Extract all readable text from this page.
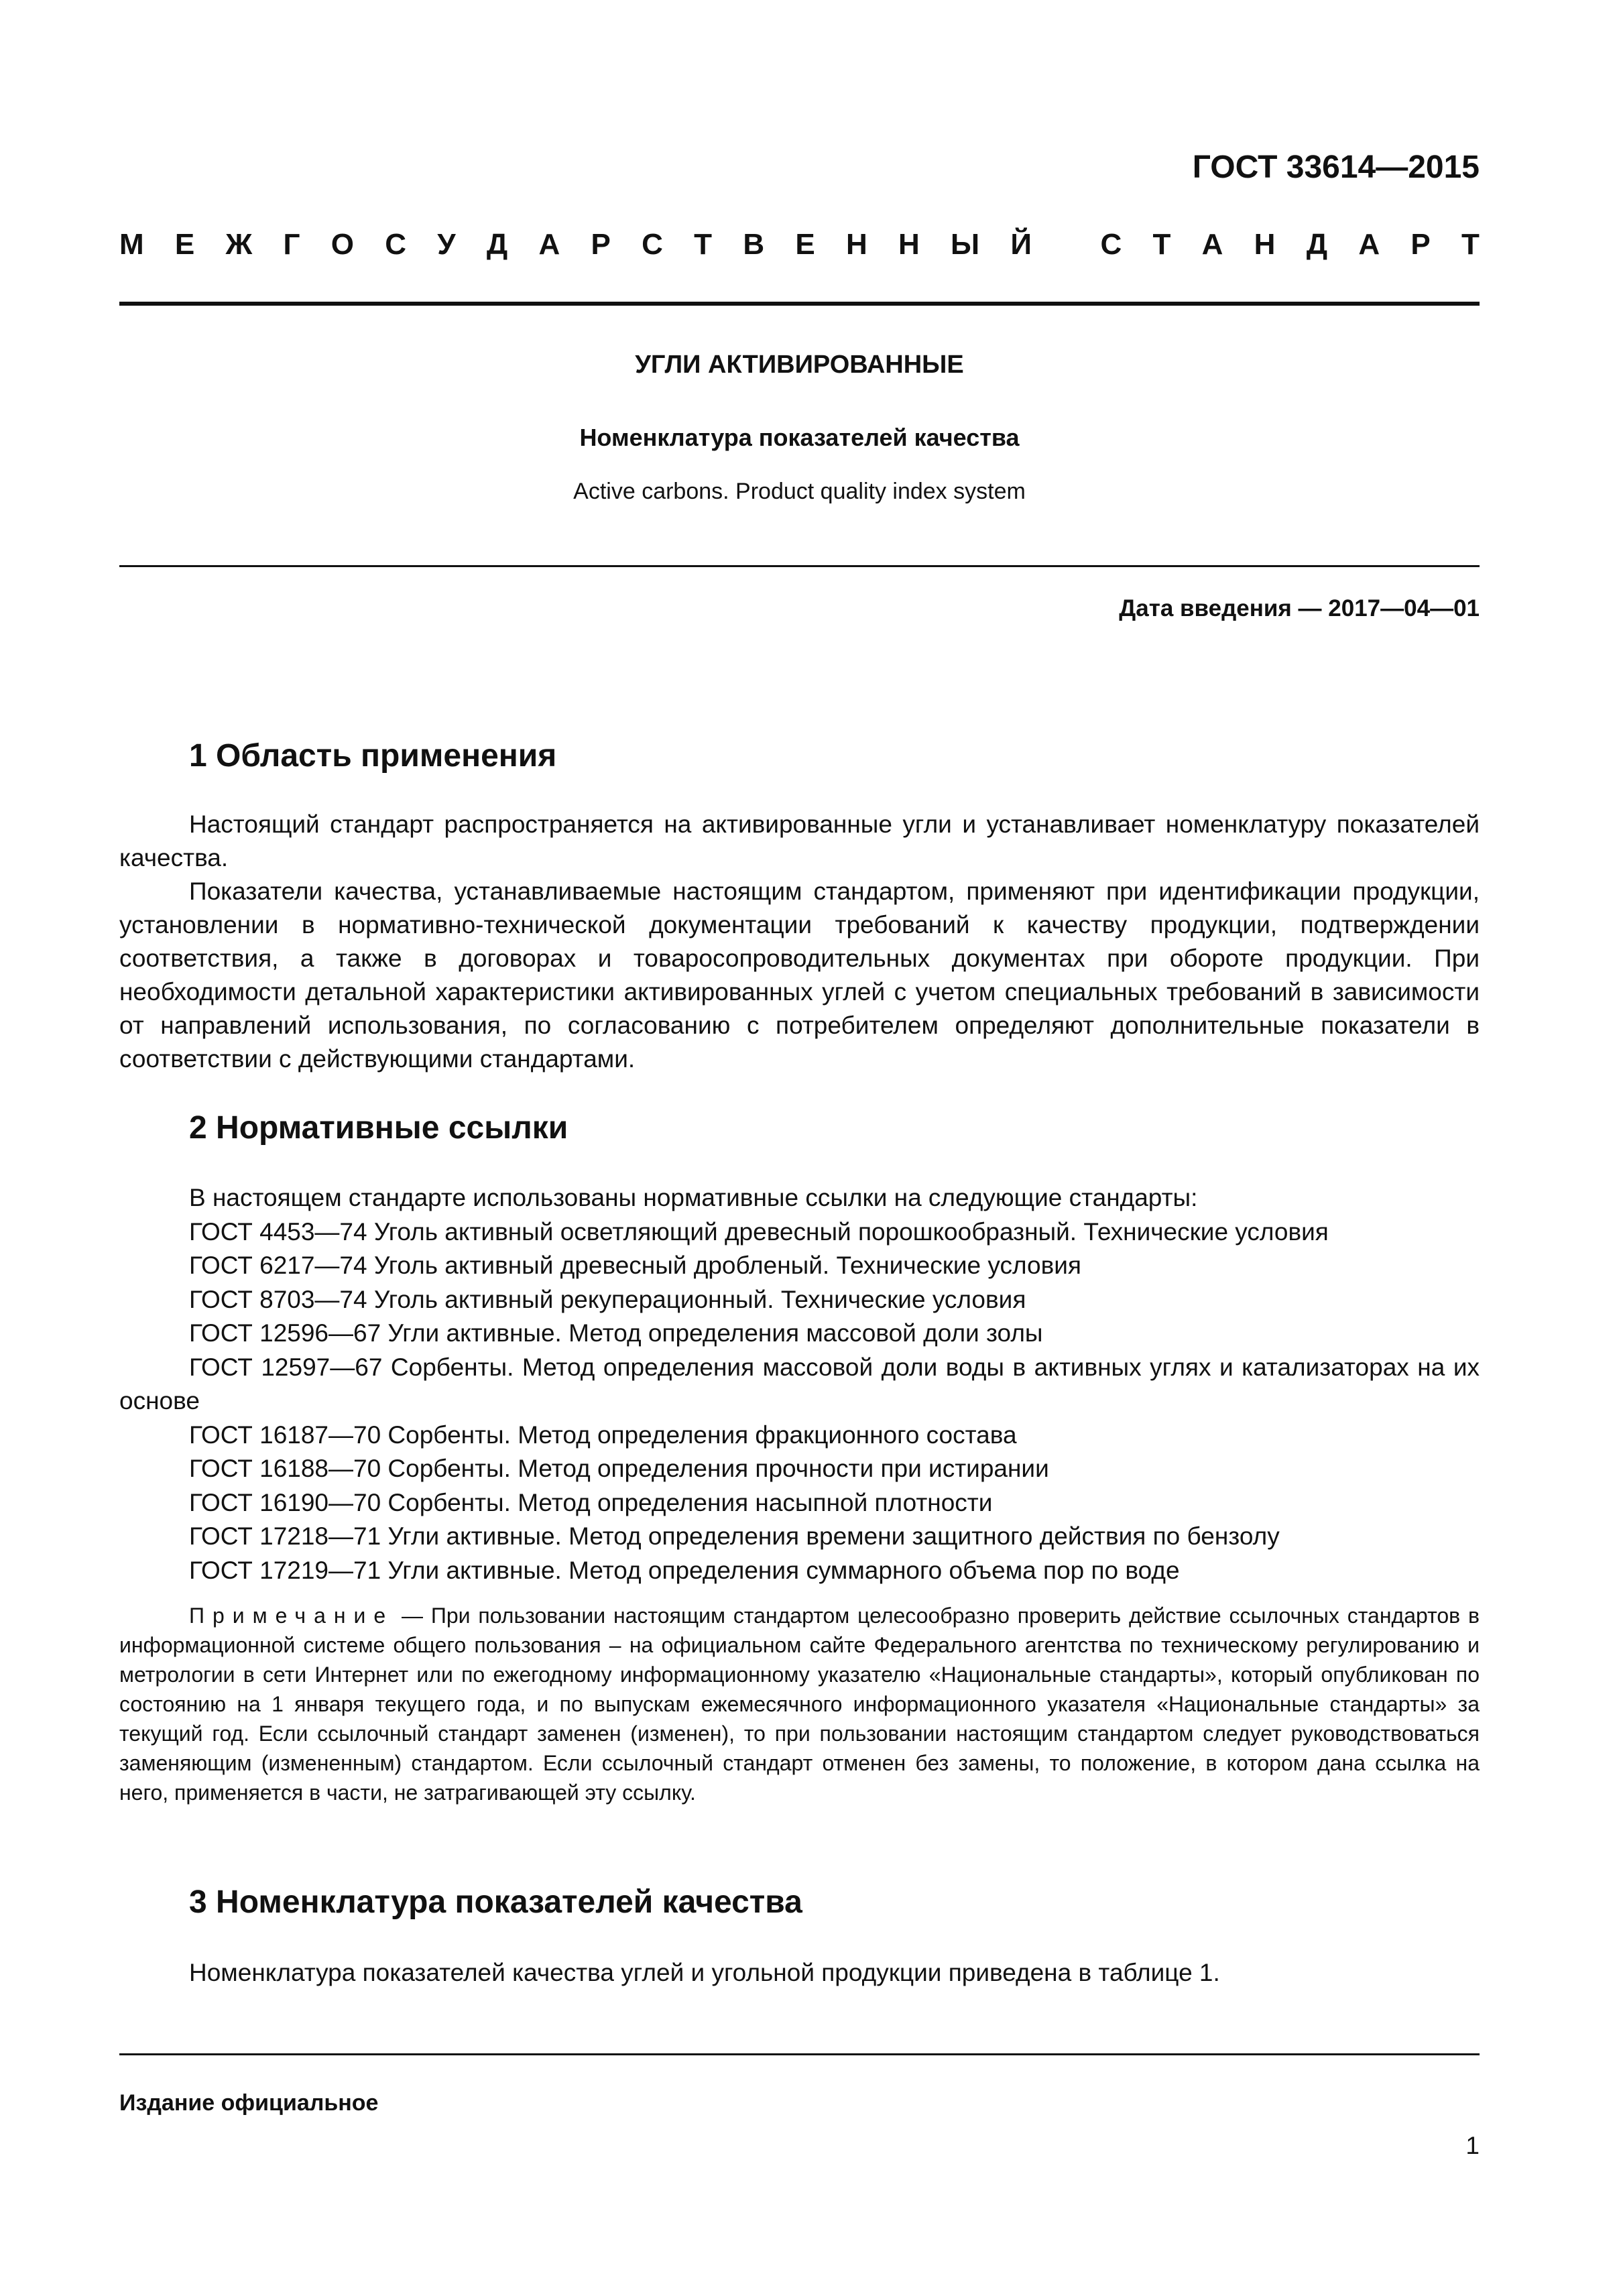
ГОСТ 33614—2015
М Е Ж Г О С У Д А Р С Т В Е Н Н Ы Й С Т А Н Д А Р Т
УГЛИ АКТИВИРОВАННЫЕ
Номенклатура показателей качества
Active carbons. Product quality index system
Дата введения — 2017—04—01
1 Область применения

Настоящий стандарт распространяется на активированные угли и устанавливает номенклатуру показателей качества.

Показатели качества, устанавливаемые настоящим стандартом, применяют при идентификации продукции, установлении в нормативно-технической документации требований к качеству продукции, подтверждении соответствия, а также в договорах и товаросопроводительных документах при обороте продукции. При необходимости детальной характеристики активированных углей с учетом специальных требований в зависимости от направлений использования, по согласованию с потребителем определяют дополнительные показатели в соответствии с действующими стандартами.

2 Нормативные ссылки
В настоящем стандарте использованы нормативные ссылки на следующие стандарты:
ГОСТ 4453—74 Уголь активный осветляющий древесный порошкообразный. Технические условия
ГОСТ 6217—74 Уголь активный древесный дробленый. Технические условия
ГОСТ 8703—74 Уголь активный рекуперационный. Технические условия
ГОСТ 12596—67 Угли активные. Метод определения массовой доли золы
ГОСТ 12597—67 Сорбенты. Метод определения массовой доли воды в активных углях и катализаторах на их основе
ГОСТ 16187—70 Сорбенты. Метод определения фракционного состава
ГОСТ 16188—70 Сорбенты. Метод определения прочности при истирании
ГОСТ 16190—70 Сорбенты. Метод определения насыпной плотности
ГОСТ 17218—71 Угли активные. Метод определения времени защитного действия по бензолу
ГОСТ 17219—71 Угли активные. Метод определения суммарного объема пор по воде

Примечание — При пользовании настоящим стандартом целесообразно проверить действие ссылочных стандартов в информационной системе общего пользования – на официальном сайте Федерального агентства по техническому регулированию и метрологии в сети Интернет или по ежегодному информационному указателю «Национальные стандарты», который опубликован по состоянию на 1 января текущего года, и по выпускам ежемесячного информационного указателя «Национальные стандарты» за текущий год. Если ссылочный стандарт заменен (изменен), то при пользовании настоящим стандартом следует руководствоваться заменяющим (измененным) стандартом. Если ссылочный стандарт отменен без замены, то положение, в котором дана ссылка на него, применяется в части, не затрагивающей эту ссылку.

3 Номенклатура показателей качества

Номенклатура показателей качества углей и угольной продукции приведена в таблице 1.

Издание официальное
1
